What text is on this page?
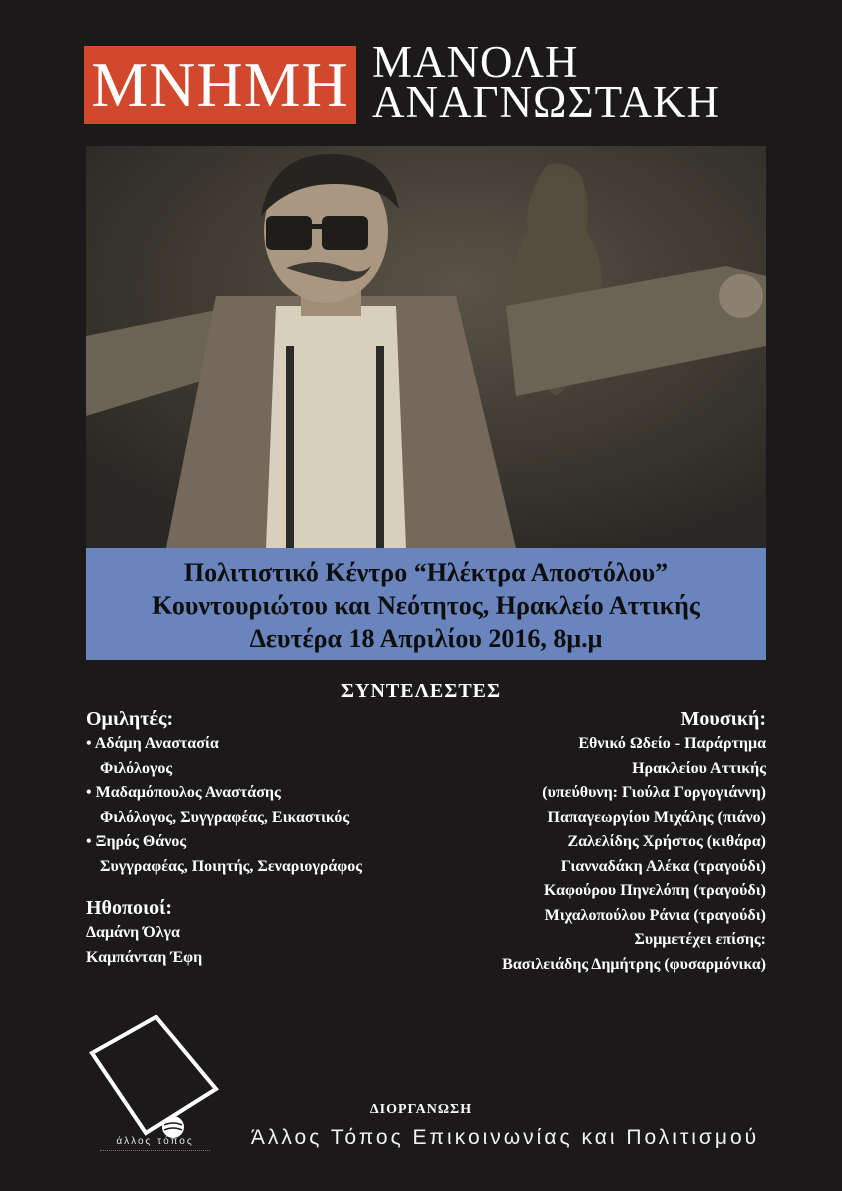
ΜΝΗΜΗ ΜΑΝΟΛΗ
ΑΝΑΓΝΩΣΤΑΚΗ
Πολιτιστικό Κέντρο “Ηλέκτρα Αποστόλου”
Κουντουριώτου και Νεότητος, Ηρακλείο Αττικής
Δευτέρα 18 Απριλίου 2016, 8μ.μ
ΣΥΝΤΕΛΕΣΤΕΣ
Ομιλητές:
• Αδάμη Αναστασία
Φιλόλογος
• Μαδαμόπουλος Αναστάσης
Φιλόλογος, Συγγραφέας, Εικαστικός
• Ξηρός Θάνος
Συγγραφέας, Ποιητής, Σεναριογράφος
Ηθοποιοί:
Δαμάνη Όλγα
Καμπάνταη Έφη
Μουσική:
Εθνικό Ωδείο - Παράρτημα
Ηρακλείου Αττικής
(υπεύθυνη: Γιούλα Γοργογιάννη)
Παπαγεωργίου Μιχάλης (πιάνο)
Ζαλελίδης Χρήστος (κιθάρα)
Γιανναδάκη Αλέκα (τραγούδι)
Καφούρου Πηνελόπη (τραγούδι)
Μιχαλοπούλου Ράνια (τραγούδι)
Συμμετέχει επίσης:
Βασιλειάδης Δημήτρης (φυσαρμόνικα)
άλλος τόπος
ΔΙΟΡΓΑΝΩΣΗ
Άλλος Τόπος Επικοινωνίας και Πολιτισμού
